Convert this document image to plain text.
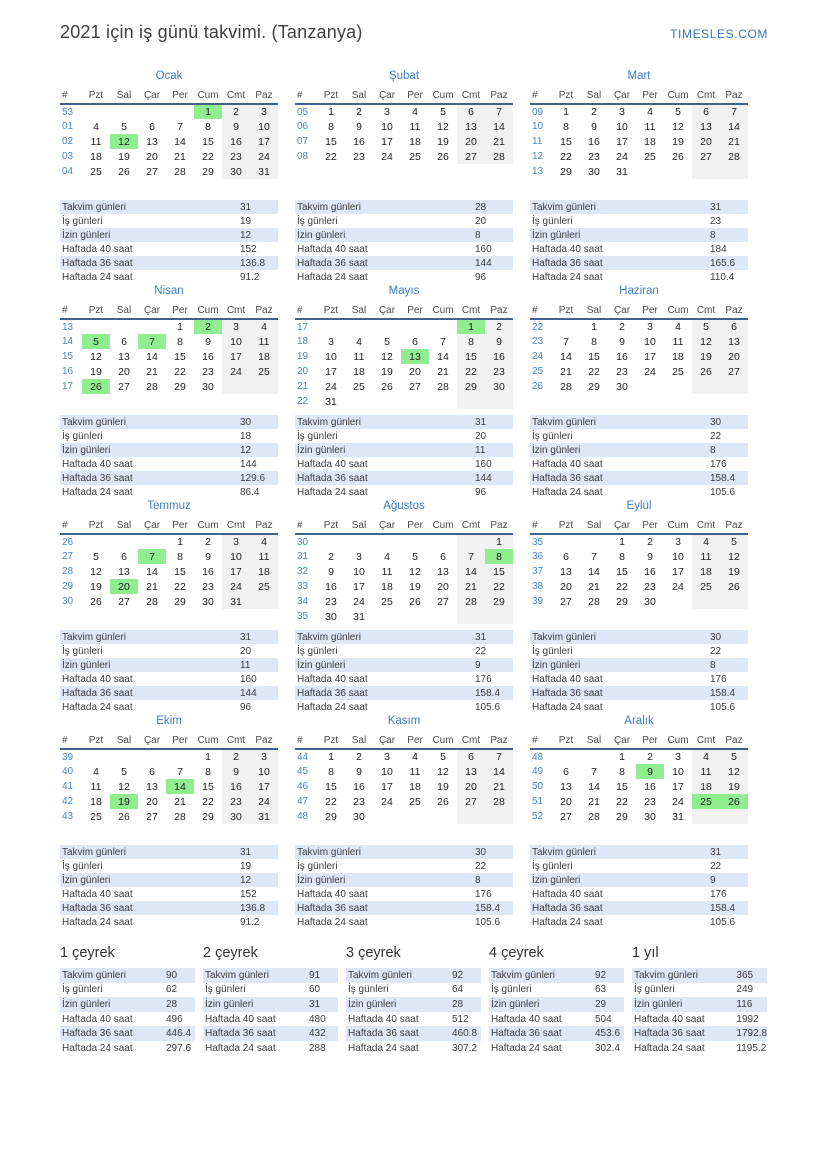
2021 için iş günü takvimi. (Tanzanya)	TIMESLES.COM
Ocak
#	Pzt	Sal	Çar	Per	Cum	Cmt	Paz
53					1	2	3
01	4	5	6	7	8	9	10
02	11	12	13	14	15	16	17
03	18	19	20	21	22	23	24
04	25	26	27	28	29	30	31
Takvim günleri	31
İş günleri	19
İzin günleri	12
Haftada 40 saat	152
Haftada 36 saat	136.8
Haftada 24 saat	91.2
Şubat
#	Pzt	Sal	Çar	Per	Cum	Cmt	Paz
05	1	2	3	4	5	6	7
06	8	9	10	11	12	13	14
07	15	16	17	18	19	20	21
08	22	23	24	25	26	27	28
Takvim günleri	28
İş günleri	20
İzin günleri	8
Haftada 40 saat	160
Haftada 36 saat	144
Haftada 24 saat	96
Mart
#	Pzt	Sal	Çar	Per	Cum	Cmt	Paz
09	1	2	3	4	5	6	7
10	8	9	10	11	12	13	14
11	15	16	17	18	19	20	21
12	22	23	24	25	26	27	28
13	29	30	31				
Takvim günleri	31
İş günleri	23
İzin günleri	8
Haftada 40 saat	184
Haftada 36 saat	165.6
Haftada 24 saat	110.4
Nisan
#	Pzt	Sal	Çar	Per	Cum	Cmt	Paz
13				1	2	3	4
14	5	6	7	8	9	10	11
15	12	13	14	15	16	17	18
16	19	20	21	22	23	24	25
17	26	27	28	29	30		
Takvim günleri	30
İş günleri	18
İzin günleri	12
Haftada 40 saat	144
Haftada 36 saat	129.6
Haftada 24 saat	86.4
Mayıs
#	Pzt	Sal	Çar	Per	Cum	Cmt	Paz
17						1	2
18	3	4	5	6	7	8	9
19	10	11	12	13	14	15	16
20	17	18	19	20	21	22	23
21	24	25	26	27	28	29	30
22	31						
Takvim günleri	31
İş günleri	20
İzin günleri	11
Haftada 40 saat	160
Haftada 36 saat	144
Haftada 24 saat	96
Haziran
#	Pzt	Sal	Çar	Per	Cum	Cmt	Paz
22		1	2	3	4	5	6
23	7	8	9	10	11	12	13
24	14	15	16	17	18	19	20
25	21	22	23	24	25	26	27
26	28	29	30				
Takvim günleri	30
İş günleri	22
İzin günleri	8
Haftada 40 saat	176
Haftada 36 saat	158.4
Haftada 24 saat	105.6
Temmuz
#	Pzt	Sal	Çar	Per	Cum	Cmt	Paz
26				1	2	3	4
27	5	6	7	8	9	10	11
28	12	13	14	15	16	17	18
29	19	20	21	22	23	24	25
30	26	27	28	29	30	31	
Takvim günleri	31
İş günleri	20
İzin günleri	11
Haftada 40 saat	160
Haftada 36 saat	144
Haftada 24 saat	96
Ağustos
#	Pzt	Sal	Çar	Per	Cum	Cmt	Paz
30							1
31	2	3	4	5	6	7	8
32	9	10	11	12	13	14	15
33	16	17	18	19	20	21	22
34	23	24	25	26	27	28	29
35	30	31					
Takvim günleri	31
İş günleri	22
İzin günleri	9
Haftada 40 saat	176
Haftada 36 saat	158.4
Haftada 24 saat	105.6
Eylül
#	Pzt	Sal	Çar	Per	Cum	Cmt	Paz
35			1	2	3	4	5
36	6	7	8	9	10	11	12
37	13	14	15	16	17	18	19
38	20	21	22	23	24	25	26
39	27	28	29	30			
Takvim günleri	30
İş günleri	22
İzin günleri	8
Haftada 40 saat	176
Haftada 36 saat	158.4
Haftada 24 saat	105.6
Ekim
#	Pzt	Sal	Çar	Per	Cum	Cmt	Paz
39					1	2	3
40	4	5	6	7	8	9	10
41	11	12	13	14	15	16	17
42	18	19	20	21	22	23	24
43	25	26	27	28	29	30	31
Takvim günleri	31
İş günleri	19
İzin günleri	12
Haftada 40 saat	152
Haftada 36 saat	136.8
Haftada 24 saat	91.2
Kasım
#	Pzt	Sal	Çar	Per	Cum	Cmt	Paz
44	1	2	3	4	5	6	7
45	8	9	10	11	12	13	14
46	15	16	17	18	19	20	21
47	22	23	24	25	26	27	28
48	29	30					
Takvim günleri	30
İş günleri	22
İzin günleri	8
Haftada 40 saat	176
Haftada 36 saat	158.4
Haftada 24 saat	105.6
Aralık
#	Pzt	Sal	Çar	Per	Cum	Cmt	Paz
48			1	2	3	4	5
49	6	7	8	9	10	11	12
50	13	14	15	16	17	18	19
51	20	21	22	23	24	25	26
52	27	28	29	30	31		
Takvim günleri	31
İş günleri	22
İzin günleri	9
Haftada 40 saat	176
Haftada 36 saat	158.4
Haftada 24 saat	105.6
1 çeyrek
Takvim günleri	90
İş günleri	62
İzin günleri	28
Haftada 40 saat	496
Haftada 36 saat	446.4
Haftada 24 saat	297.6
2 çeyrek
Takvim günleri	91
İş günleri	60
İzin günleri	31
Haftada 40 saat	480
Haftada 36 saat	432
Haftada 24 saat	288
3 çeyrek
Takvim günleri	92
İş günleri	64
İzin günleri	28
Haftada 40 saat	512
Haftada 36 saat	460.8
Haftada 24 saat	307.2
4 çeyrek
Takvim günleri	92
İş günleri	63
İzin günleri	29
Haftada 40 saat	504
Haftada 36 saat	453.6
Haftada 24 saat	302.4
1 yıl
Takvim günleri	365
İş günleri	249
İzin günleri	116
Haftada 40 saat	1992
Haftada 36 saat	1792.8
Haftada 24 saat	1195.2
